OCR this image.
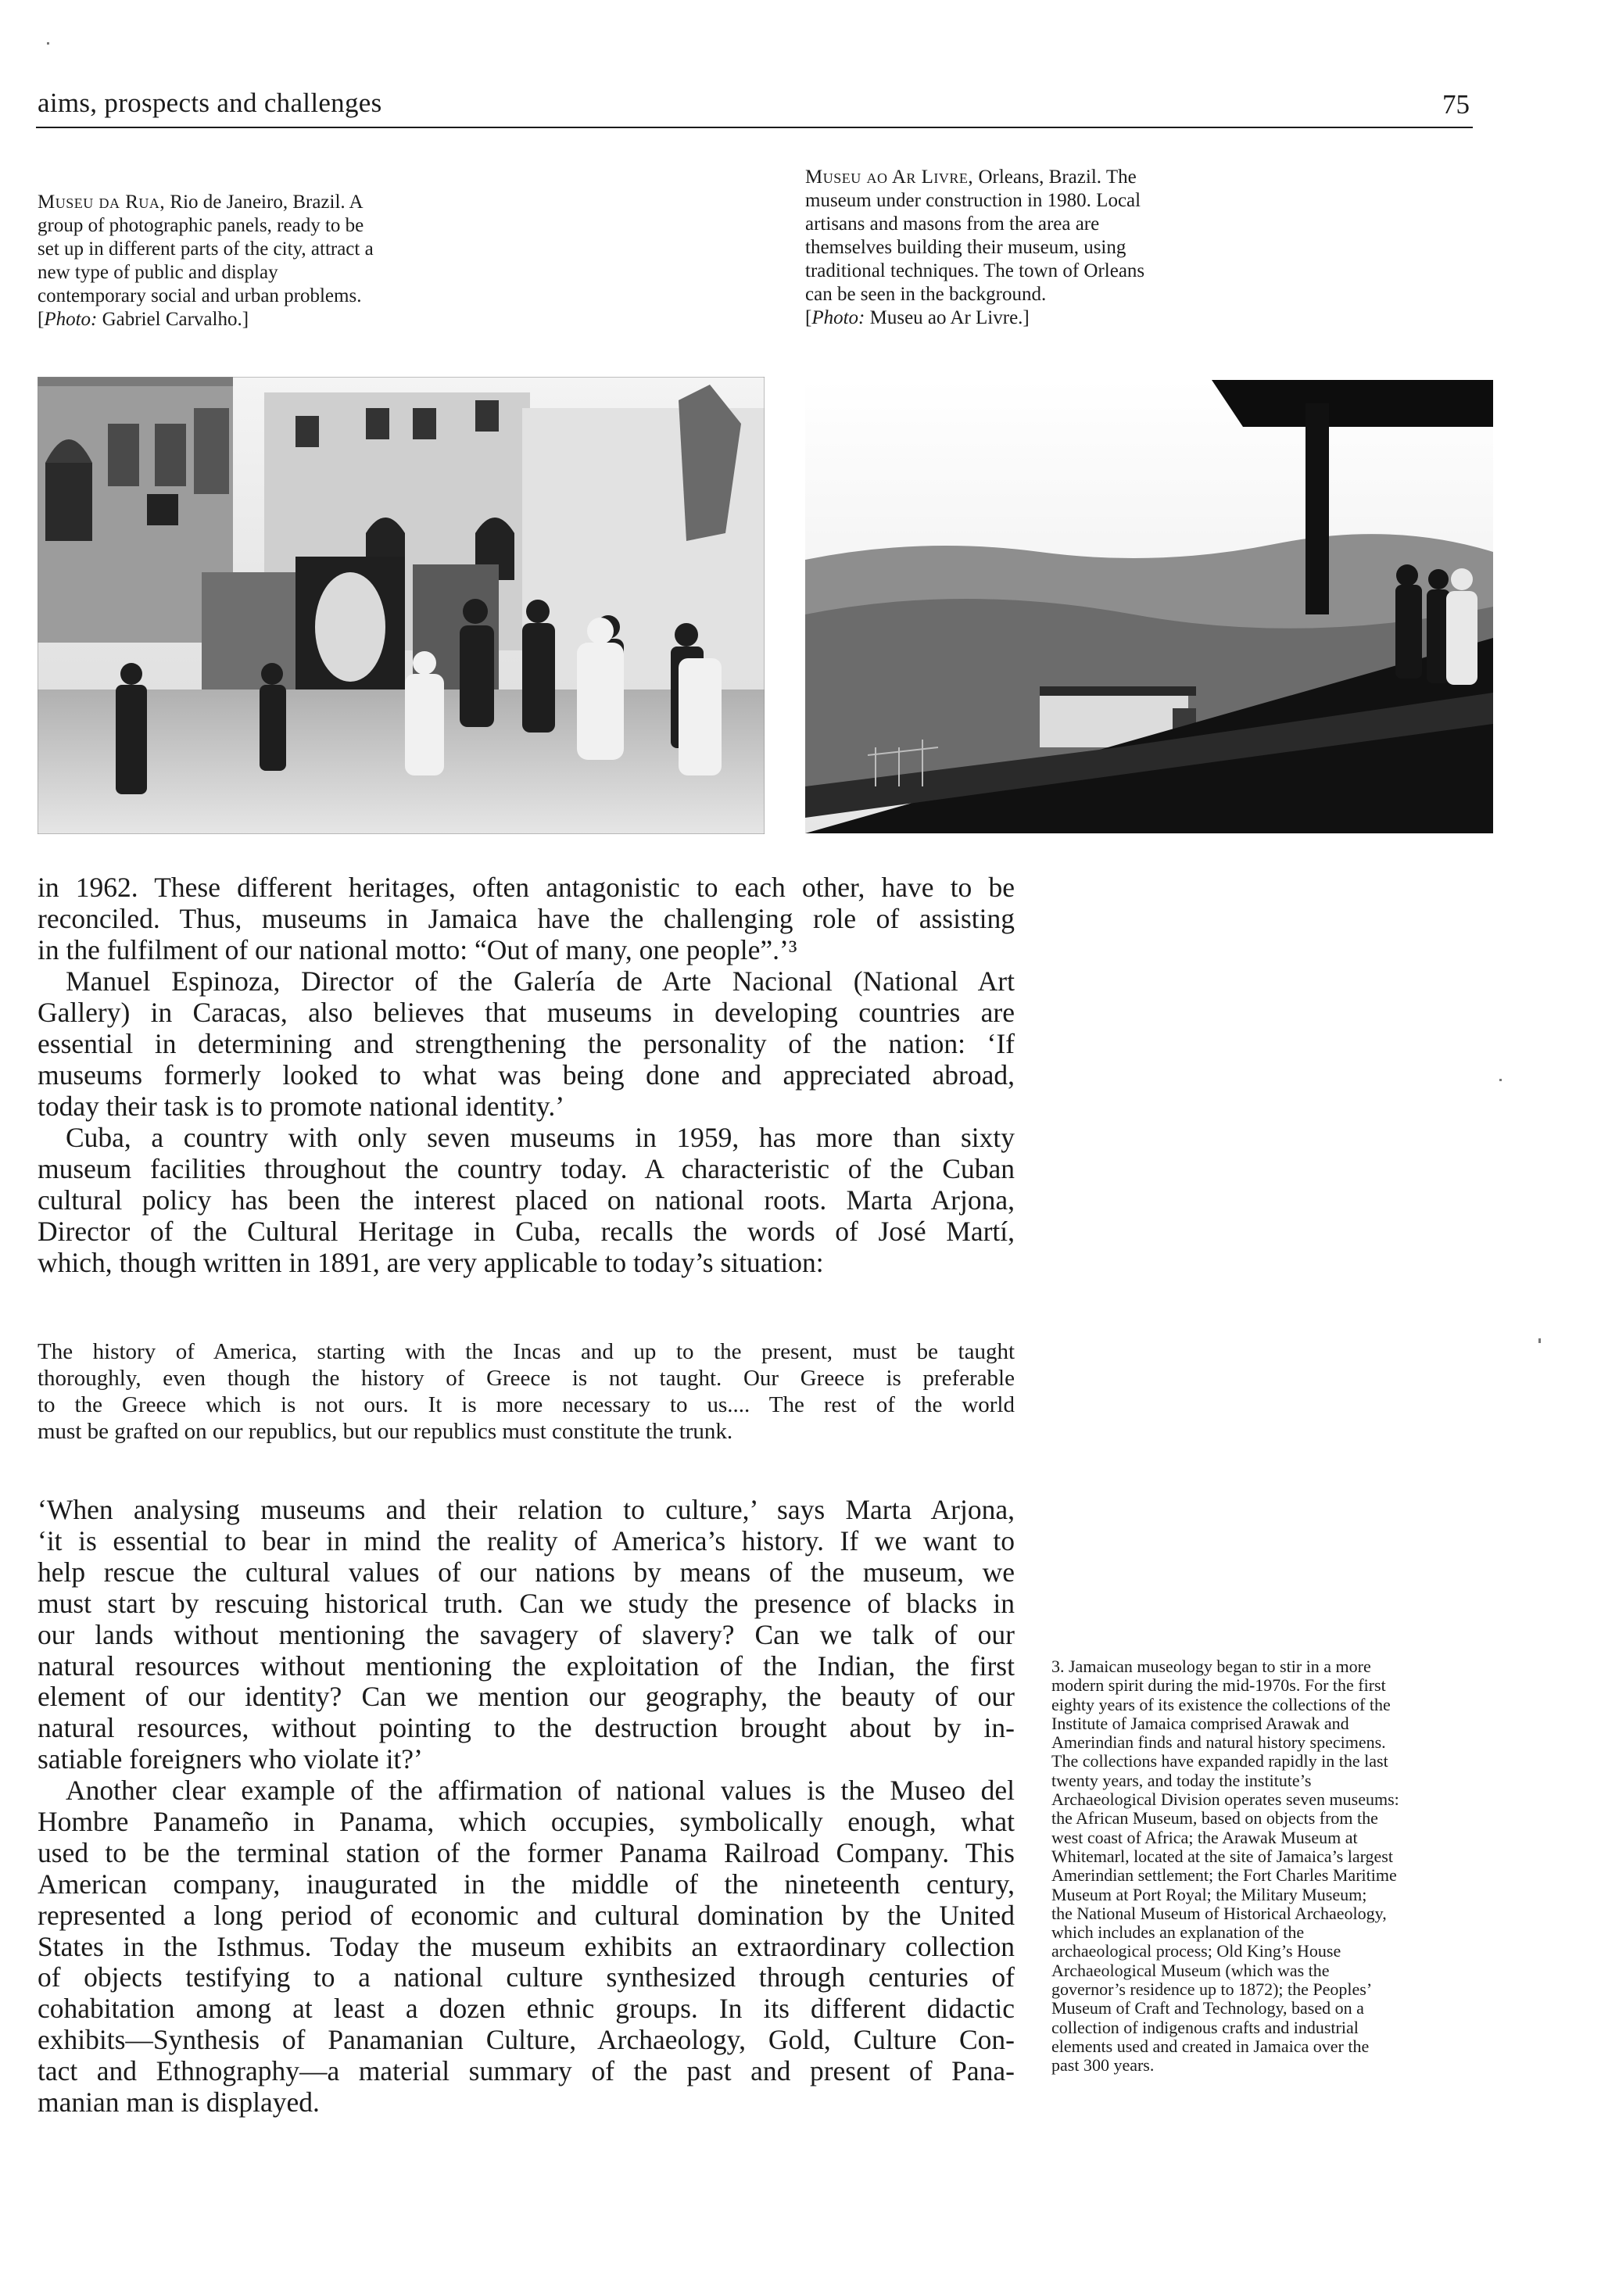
aims, prospects and challenges	75
Museu da Rua, Rio de Janeiro, Brazil. A
group of photographic panels, ready to be
set up in different parts of the city, attract a
new type of public and display
contemporary social and urban problems.
[Photo: Gabriel Carvalho.]
Museu ao Ar Livre, Orleans, Brazil. The
museum under construction in 1980. Local
artisans and masons from the area are
themselves building their museum, using
traditional techniques. The town of Orleans
can be seen in the background.
[Photo: Museu ao Ar Livre.]
in 1962. These different heritages, often antagonistic to each other, have to be
reconciled. Thus, museums in Jamaica have the challenging role of assisting
in the fulfilment of our national motto: “Out of many, one people”.’³
Manuel Espinoza, Director of the Galería de Arte Nacional (National Art
Gallery) in Caracas, also believes that museums in developing countries are
essential in determining and strengthening the personality of the nation: ‘If
museums formerly looked to what was being done and appreciated abroad,
today their task is to promote national identity.’
Cuba, a country with only seven museums in 1959, has more than sixty
museum facilities throughout the country today. A characteristic of the Cuban
cultural policy has been the interest placed on national roots. Marta Arjona,
Director of the Cultural Heritage in Cuba, recalls the words of José Martí,
which, though written in 1891, are very applicable to today’s situation:
The history of America, starting with the Incas and up to the present, must be taught
thoroughly, even though the history of Greece is not taught. Our Greece is preferable
to the Greece which is not ours. It is more necessary to us.... The rest of the world
must be grafted on our republics, but our republics must constitute the trunk.
‘When analysing museums and their relation to culture,’ says Marta Arjona,
‘it is essential to bear in mind the reality of America’s history. If we want to
help rescue the cultural values of our nations by means of the museum, we
must start by rescuing historical truth. Can we study the presence of blacks in
our lands without mentioning the savagery of slavery? Can we talk of our
natural resources without mentioning the exploitation of the Indian, the first
element of our identity? Can we mention our geography, the beauty of our
natural resources, without pointing to the destruction brought about by in-
satiable foreigners who violate it?’
Another clear example of the affirmation of national values is the Museo del
Hombre Panameño in Panama, which occupies, symbolically enough, what
used to be the terminal station of the former Panama Railroad Company. This
American company, inaugurated in the middle of the nineteenth century,
represented a long period of economic and cultural domination by the United
States in the Isthmus. Today the museum exhibits an extraordinary collection
of objects testifying to a national culture synthesized through centuries of
cohabitation among at least a dozen ethnic groups. In its different didactic
exhibits—Synthesis of Panamanian Culture, Archaeology, Gold, Culture Con-
tact and Ethnography—a material summary of the past and present of Pana-
manian man is displayed.
3. Jamaican museology began to stir in a more
modern spirit during the mid-1970s. For the first
eighty years of its existence the collections of the
Institute of Jamaica comprised Arawak and
Amerindian finds and natural history specimens.
The collections have expanded rapidly in the last
twenty years, and today the institute’s
Archaeological Division operates seven museums:
the African Museum, based on objects from the
west coast of Africa; the Arawak Museum at
Whitemarl, located at the site of Jamaica’s largest
Amerindian settlement; the Fort Charles Maritime
Museum at Port Royal; the Military Museum;
the National Museum of Historical Archaeology,
which includes an explanation of the
archaeological process; Old King’s House
Archaeological Museum (which was the
governor’s residence up to 1872); the Peoples’
Museum of Craft and Technology, based on a
collection of indigenous crafts and industrial
elements used and created in Jamaica over the
past 300 years.
